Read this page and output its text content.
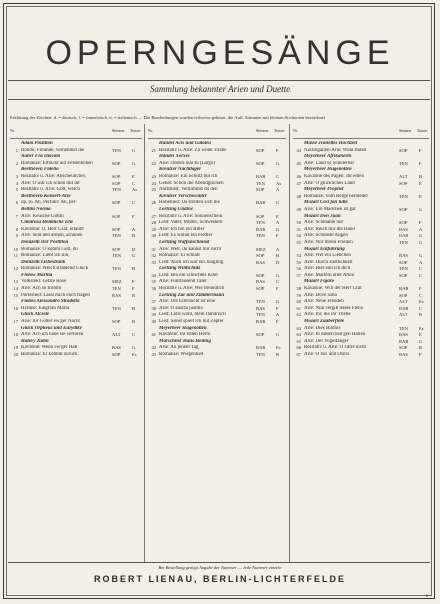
OPERNGESÄNGE
Sammlung bekannter Arien und Duette
Erklärung der Zeichen: d. = deutsch, f. = französisch, it. = italienisch — Die Bearbeitungen wurden teilweise gekürzt, die Aufl. Stimmen mit kleinen Stichnoten bezeichnet
Nr.	Stimme Tonart
Adam Postillon
1 Rondo: Freunde, vernehmet die	TEN G
Auber Fra Diavolo
2 Romanze: Erblickt auf Felsenhöhen	SOP	G
Beethoven Fidelio
3 Rezitativ u. Arie: Abscheulicher,	SOP	E
4 Arie: O wär ich schon mit dir	SOP	C
5 Rezitativ u. Arie: Gott, welch	TEN As
Beethoven Konzert-Arie
6 op. 65 Ah, Perfido! Ah, per-	SOP	C
Bellini Norma
7 Arie: Keusche Göttin	SOP	F
Cimarosa Heimliche Ehe
8 Kavatine: O, Herr Graf, erlaubt	SOP	A
9 Arie: Seid den armen, schönen	TEN B
Donizetti Der Postillon
10 Romanze: O komm Gott, du	SOP	D
11 Romanze: Liebt ich ihn,	TEN G
Donizetti Liebestrank
12 Romanze: Welch strahlend Glück	TEN B
Flotow Martha
13 Volkslied: Letzte Rose	MEZ F
14 Arie: Ach so fromm	TEN F
15 Porterlied: Lasst mich euch fragen	BAS B
Flotow Alessandro Stradella
16 Hymne: Jungfrau Maria	TEN B
Gluck Alceste
17 Arie: Ihr Götter ew'ger Nacht	SOP	B
Gluck Orpheus und Eurydike
18 Arie: Ach ich habe sie verloren	ALT C
Halévy Jüdin
19 Kavatine: Wenn ew'ger Haß	BAS G
20 Romanze: Er kommt zurück	SOP	Es
Nr.	Stimme Tonart
Händel Acis und Galatea
21 Rezitativ u. Arie: Zu wilde Triebe	SOP	F
Händel Xerxes
22 Arie: Ombra mai fu (Largo)	SOP	G
Kreutzer Nachtlager
23 Romanze: Ein Schütz bin ich	BAR C
24 Gebet: Schon die Abendglocken	TEN As
25 Nachtlied: Vernimmst du den	SOP	A
Kreutzer Verschwender
26 Hobellied: Da streiten sich die	BAR G
Lortzing Undine
27 Rezitativ u. Arie: Sonnenschein	SOP	E
28 Lied: Vater, Mutter, Schwestern	TEN A
29 Arie: Ich bin ein Ritter	BAR G
30 Lied: Es wohnt ein Fiedler	TEN F
Lortzing Waffenschmied
31 Arie: Welt, du kannst mir nicht	MEZ A
32 Romanze: Er schläft	SOP	B
33 Lied: Auch ich war ein Jüngling	BAS D
Lortzing Wildschütz
34 Lied: Bin ein schlichtes Kind	SOP	G
35 Arie: Fünftausend Taler	BAS C
36 Rezitativ u. Arie: Wie freundlich	SOP	F
Lortzing Zar und Zimmermann
37 Arie: Die Eifersucht ist eine	TEN G
38 Arie: O sancta justitia	BAS F
39 Lied: Lebe wohl, mein flandrisch	TEN A
40 Lied: Sonst spielt ich mit Zepter	BAR F
Meyerbeer Hugenotten
41 Kavatine: Ihr edlen Herrn	SOP	G
Marschner Hans Heiling
42 Arie: An jenem Tag	BAR Es
43 Romanze: Wiegenlied	TEN B
Nr.	Stimme Tonart
Massé Jeanettes Hochzeit
44 Nachtigallen-Arie: Wohl flöten	SOP	F
Meyerbeer Afrikanerin
45 Arie: Land so wunderbar	TEN F
Meyerbeer Hugenotten
46 Kavatine des Pagen: Ihr edlen	ALT B
47 Arie: O glückliches Land	SOP	E
Meyerbeer Prophet
48 Romanze: Vom Berge hernieder	TEN E
Mozart Cosi fan tutte
49 Arie: Ein Mädchen ist gar	SOP	G
Mozart Don Juan
50 Arie: Schmähle nur	SOP	F
51 Arie: Reich mir die Hand	BAS A
52 Arie: Schönste Augen	BAR G
53 Arie: Nur ihrem Frieden	TEN G
Mozart Entführung
54 Arie: Wer ein Liebchen	BAS G
55 Arie: Durch Zärtlichkeit	SOP	A
56 Arie: Hier soll ich dich	TEN C
57 Arie: Martern aller Arten	SOP	C
Mozart Figaro
58 Kavatine: Will der Herr Graf	BAR F
59 Arie: Dove sono	SOP	C
60 Arie: Neue Freuden	ALT Es
61 Arie: Nun vergiß leises Flehn	BAR C
62 Arie: Ihr, die ihr Triebe	ALT B
Mozart Zauberflöte
63 Arie: Dies Bildnis	TEN Es
64 Arie: In diesen heil'gen Hallen	BAS E
65 Arie: Der Vogelfänger	BAR G
66 Rezitativ u. Arie: O zittre nicht	SOP	B
67 Arie: O Isis und Osiris	BAS F
Bei Bestellung genügt Angabe der Nummer — Jede Nummer einzeln
ROBERT LIENAU, BERLIN-LICHTERFELDE
8
